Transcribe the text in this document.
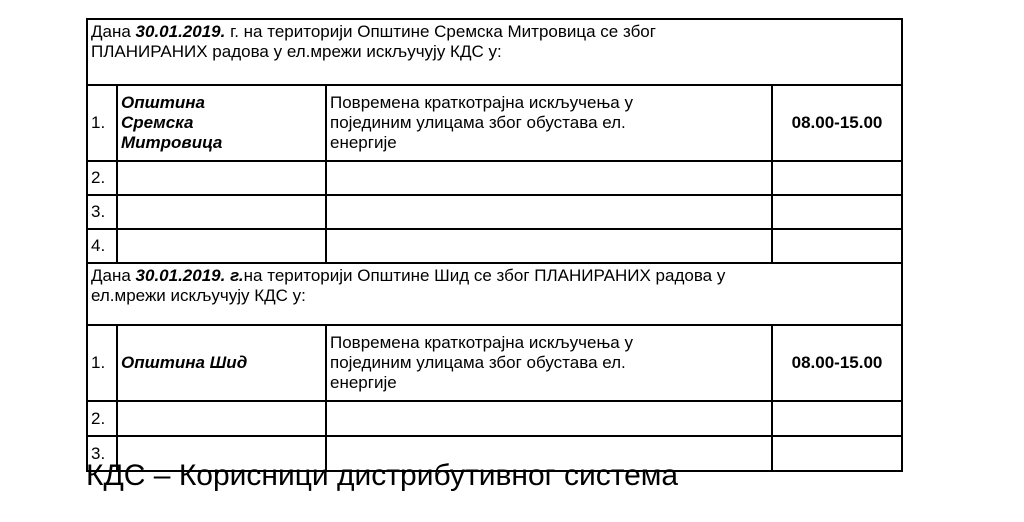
Дана 30.01.2019. г. на територији Општине Сремска Митровица се због
ПЛАНИРАНИХ радова у ел.мрежи искључују КДС у:			
1.	Општина
Сремска
Митровица	Повремена краткотрајна искључења у
појединим улицама због обустава ел.
енергије	08.00-15.00
2.			
3.			
4.			
Дана 30.01.2019. г.на територији Општине Шид се због ПЛАНИРАНИХ радова у
ел.мрежи искључују КДС у:			
1.	Општина Шид	Повремена краткотрајна искључења у
појединим улицама због обустава ел.
енергије	08.00-15.00
2.			
3.			
КДС – Корисници дистрибутивног система
